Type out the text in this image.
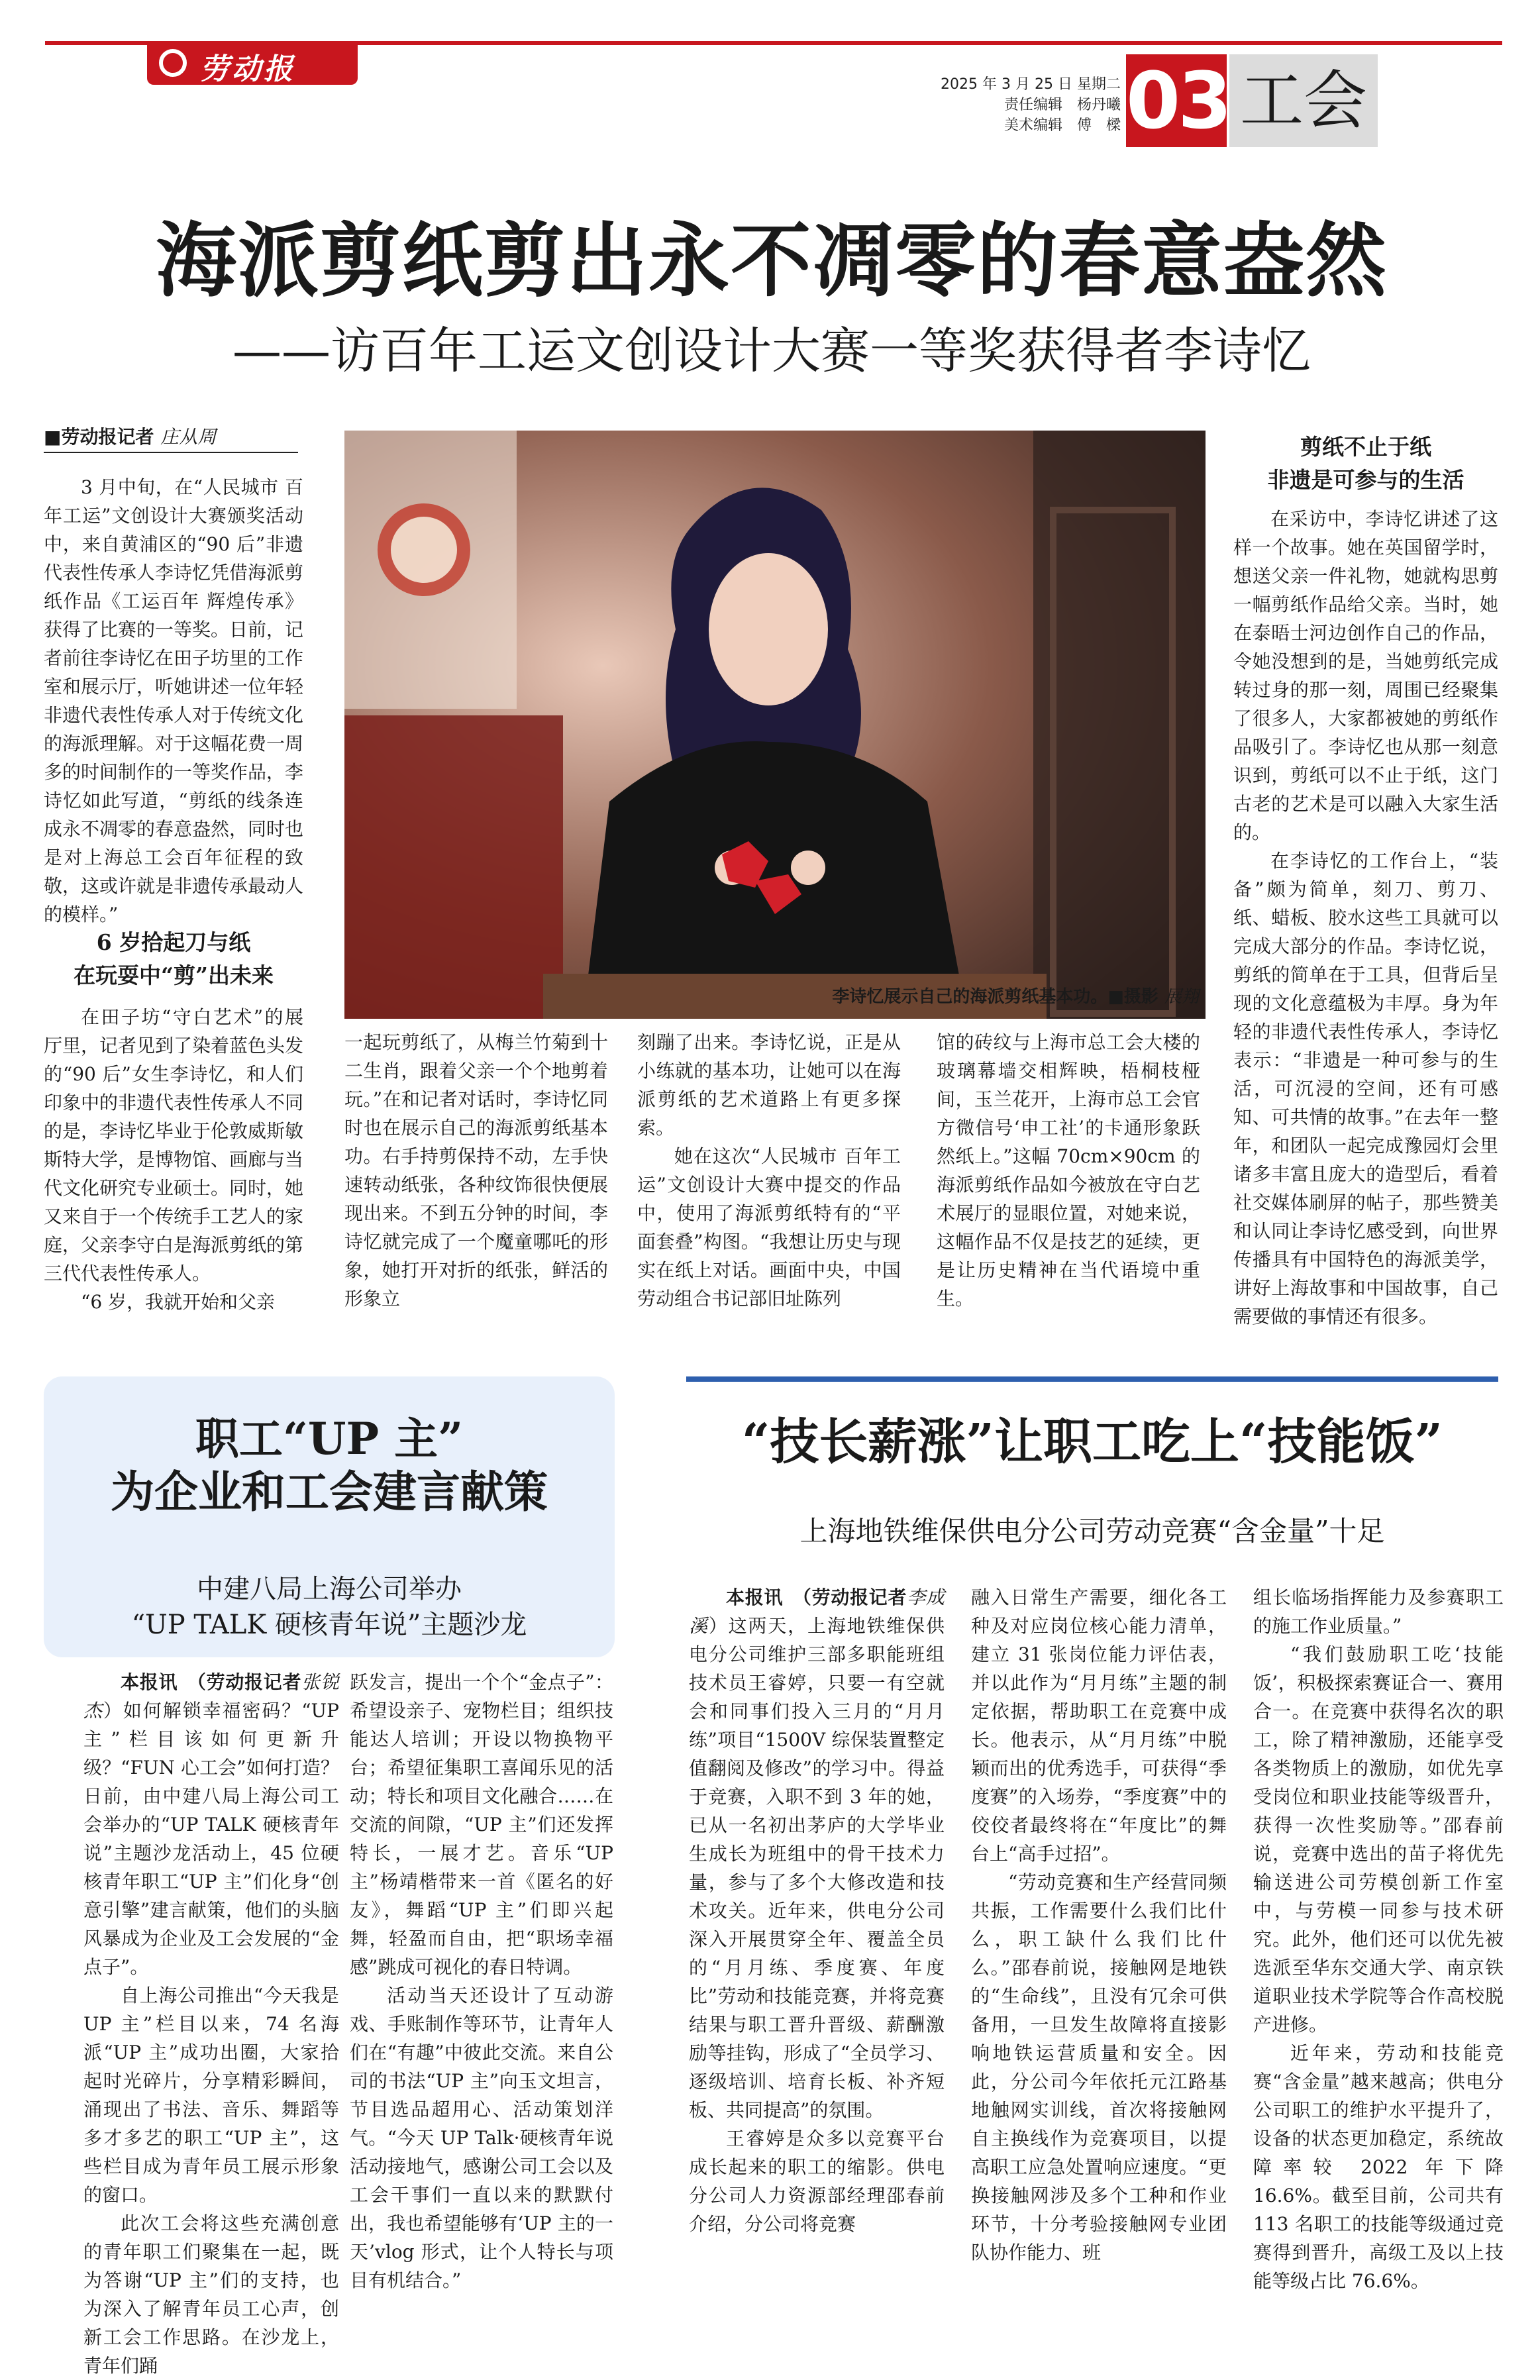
劳动报	2025 年 3 月 25 日 星期二
责任编辑　杨丹曦
美术编辑　傅　樑 03 工会
海派剪纸剪出永不凋零的春意盎然
——访百年工运文创设计大赛一等奖获得者李诗忆
■劳动报记者 庄从周

3 月中旬，在“人民城市 百年工运”文创设计大赛颁奖活动中，来自黄浦区的“90 后”非遗代表性传承人李诗忆凭借海派剪纸作品《工运百年 辉煌传承》获得了比赛的一等奖。日前，记者前往李诗忆在田子坊里的工作室和展示厅，听她讲述一位年轻非遗代表性传承人对于传统文化的海派理解。对于这幅花费一周多的时间制作的一等奖作品，李诗忆如此写道，“剪纸的线条连成永不凋零的春意盎然，同时也是对上海总工会百年征程的致敬，这或许就是非遗传承最动人的模样。”

6 岁拾起刀与纸
在玩耍中“剪”出未来

在田子坊“守白艺术”的展厅里，记者见到了染着蓝色头发的“90 后”女生李诗忆，和人们印象中的非遗代表性传承人不同的是，李诗忆毕业于伦敦威斯敏斯特大学，是博物馆、画廊与当代文化研究专业硕士。同时，她又来自于一个传统手工艺人的家庭，父亲李守白是海派剪纸的第三代代表性传承人。

“6 岁，我就开始和父亲

李诗忆展示自己的海派剪纸基本功。■摄影 展翔

一起玩剪纸了，从梅兰竹菊到十二生肖，跟着父亲一个个地剪着玩。”在和记者对话时，李诗忆同时也在展示自己的海派剪纸基本功。右手持剪保持不动，左手快速转动纸张，各种纹饰很快便展现出来。不到五分钟的时间，李诗忆就完成了一个魔童哪吒的形象，她打开对折的纸张，鲜活的形象立

刻蹦了出来。李诗忆说，正是从小练就的基本功，让她可以在海派剪纸的艺术道路上有更多探索。

她在这次“人民城市 百年工运”文创设计大赛中提交的作品中，使用了海派剪纸特有的“平面套叠”构图。“我想让历史与现实在纸上对话。画面中央，中国劳动组合书记部旧址陈列

馆的砖纹与上海市总工会大楼的玻璃幕墙交相辉映，梧桐枝桠间，玉兰花开，上海市总工会官方微信号‘申工社’的卡通形象跃然纸上。”这幅 70cm×90cm 的海派剪纸作品如今被放在守白艺术展厅的显眼位置，对她来说，这幅作品不仅是技艺的延续，更是让历史精神在当代语境中重生。

剪纸不止于纸
非遗是可参与的生活

在采访中，李诗忆讲述了这样一个故事。她在英国留学时，想送父亲一件礼物，她就构思剪一幅剪纸作品给父亲。当时，她在泰晤士河边创作自己的作品，令她没想到的是，当她剪纸完成转过身的那一刻，周围已经聚集了很多人，大家都被她的剪纸作品吸引了。李诗忆也从那一刻意识到，剪纸可以不止于纸，这门古老的艺术是可以融入大家生活的。

在李诗忆的工作台上，“装备”颇为简单，刻刀、剪刀、纸、蜡板、胶水这些工具就可以完成大部分的作品。李诗忆说，剪纸的简单在于工具，但背后呈现的文化意蕴极为丰厚。身为年轻的非遗代表性传承人，李诗忆表示：“非遗是一种可参与的生活，可沉浸的空间，还有可感知、可共情的故事。”在去年一整年，和团队一起完成豫园灯会里诸多丰富且庞大的造型后，看着社交媒体刷屏的帖子，那些赞美和认同让李诗忆感受到，向世界传播具有中国特色的海派美学，讲好上海故事和中国故事，自己需要做的事情还有很多。

职工“UP 主”
为企业和工会建言献策
中建八局上海公司举办
“UP TALK 硬核青年说”主题沙龙

本报讯　（劳动报记者张锐杰）如何解锁幸福密码？“UP 主”栏目该如何更新升级？“FUN 心工会”如何打造？日前，由中建八局上海公司工会举办的“UP TALK 硬核青年说”主题沙龙活动上，45 位硬核青年职工“UP 主”们化身“创意引擎”建言献策，他们的头脑风暴成为企业及工会发展的“金点子”。

自上海公司推出“今天我是 UP 主”栏目以来，74 名海派“UP 主”成功出圈，大家拾起时光碎片，分享精彩瞬间，涌现出了书法、音乐、舞蹈等多才多艺的职工“UP 主”，这些栏目成为青年员工展示形象的窗口。

此次工会将这些充满创意的青年职工们聚集在一起，既为答谢“UP 主”们的支持，也为深入了解青年员工心声，创新工会工作思路。在沙龙上，青年们踊

跃发言，提出一个个“金点子”：希望设亲子、宠物栏目；组织技能达人培训；开设以物换物平台；希望征集职工喜闻乐见的活动；特长和项目文化融合……在交流的间隙，“UP 主”们还发挥特长，一展才艺。音乐“UP 主”杨靖楷带来一首《匿名的好友》，舞蹈“UP 主”们即兴起舞，轻盈而自由，把“职场幸福感”跳成可视化的春日特调。

活动当天还设计了互动游戏、手账制作等环节，让青年人们在“有趣”中彼此交流。来自公司的书法“UP 主”向玉文坦言，节目选品超用心、活动策划洋气。“今天 UP Talk·硬核青年说活动接地气，感谢公司工会以及工会干事们一直以来的默默付出，我也希望能够有‘UP 主的一天’vlog 形式，让个人特长与项目有机结合。”

“技长薪涨”让职工吃上“技能饭”
上海地铁维保供电分公司劳动竞赛“含金量”十足

本报讯　（劳动报记者李成溪）这两天，上海地铁维保供电分公司维护三部多职能班组技术员王睿婷，只要一有空就会和同事们投入三月的“月月练”项目“1500V 综保装置整定值翻阅及修改”的学习中。得益于竞赛，入职不到 3 年的她，已从一名初出茅庐的大学毕业生成长为班组中的骨干技术力量，参与了多个大修改造和技术攻关。近年来，供电分公司深入开展贯穿全年、覆盖全员的“月月练、季度赛、年度比”劳动和技能竞赛，并将竞赛结果与职工晋升晋级、薪酬激励等挂钩，形成了“全员学习、逐级培训、培育长板、补齐短板、共同提高”的氛围。

王睿婷是众多以竞赛平台成长起来的职工的缩影。供电分公司人力资源部经理邵春前介绍，分公司将竞赛

融入日常生产需要，细化各工种及对应岗位核心能力清单，建立 31 张岗位能力评估表，并以此作为“月月练”主题的制定依据，帮助职工在竞赛中成长。他表示，从“月月练”中脱颖而出的优秀选手，可获得“季度赛”的入场券，“季度赛”中的佼佼者最终将在“年度比”的舞台上“高手过招”。

“劳动竞赛和生产经营同频共振，工作需要什么我们比什么，职工缺什么我们比什么。”邵春前说，接触网是地铁的“生命线”，且没有冗余可供备用，一旦发生故障将直接影响地铁运营质量和安全。因此，分公司今年依托元江路基地触网实训线，首次将接触网自主换线作为竞赛项目，以提高职工应急处置响应速度。“更换接触网涉及多个工种和作业环节，十分考验接触网专业团队协作能力、班

组长临场指挥能力及参赛职工的施工作业质量。”

“我们鼓励职工吃‘技能饭’，积极探索赛证合一、赛用合一。在竞赛中获得名次的职工，除了精神激励，还能享受各类物质上的激励，如优先享受岗位和职业技能等级晋升，获得一次性奖励等。”邵春前说，竞赛中选出的苗子将优先输送进公司劳模创新工作室中，与劳模一同参与技术研究。此外，他们还可以优先被选派至华东交通大学、南京铁道职业技术学院等合作高校脱产进修。

近年来，劳动和技能竞赛“含金量”越来越高；供电分公司职工的维护水平提升了，设备的状态更加稳定，系统故障率较 2022 年下降 16.6%。截至目前，公司共有 113 名职工的技能等级通过竞赛得到晋升，高级工及以上技能等级占比 76.6%。
